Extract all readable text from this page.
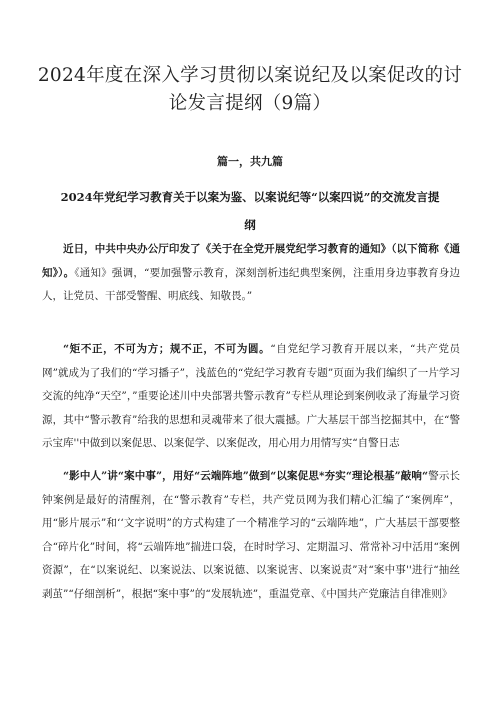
2024年度在深入学习贯彻以案说纪及以案促改的讨论发言提纲（9篇）
篇一，共九篇
2024年党纪学习教育关于以案为鉴、以案说纪等“以案四说”的交流发言提纲

近日，中共中央办公厅印发了《关于在全党开展党纪学习教育的通知》（以下简称《通知》）。《通知》强调，“要加强警示教育，深刻剖析违纪典型案例，注重用身边事教育身边人，让党员、干部受警醒、明底线、知敬畏。”

“矩不正，不可为方；规不正，不可为圆。“自党纪学习教育开展以来，“共产党员网”就成为了我们的“学习播子”，浅蓝色的“党纪学习教育专题”页面为我们编织了一片学习交流的纯净“天空”，”重要论述川中央部署共警示教育”专栏从理论到案例收录了海量学习资源，其中“警示教育”给我的思想和灵魂带来了很大震撼。广大基层干部当挖掘其中，在“警示宝库''中做到以案促思、以案促学、以案促改，用心用力用情写实“自警日志

“影中人”讲“案中事”，用好“云端阵地”做到“以案促思*夯实“理论根基”敲响“警示长钟案例是最好的清醒剂，在“警示教育”专栏，共产党员网为我们精心汇编了“案例库”，用“影片展示”和‘‘文字说明”的方式构建了一个精准学习的“云端阵地”，广大基层干部要整合“碎片化”时间，将“云端阵地”揣进口袋，在时时学习、定期温习、常常补习中活用“案例资源”，在“以案说纪、以案说法、以案说德、以案说害、以案说责”对“案中事''进行“抽丝剥茧”“仔细剖析”，根据“案中事”的“发展轨迹”，重温党章、《中国共产党廉洁自律准则》
